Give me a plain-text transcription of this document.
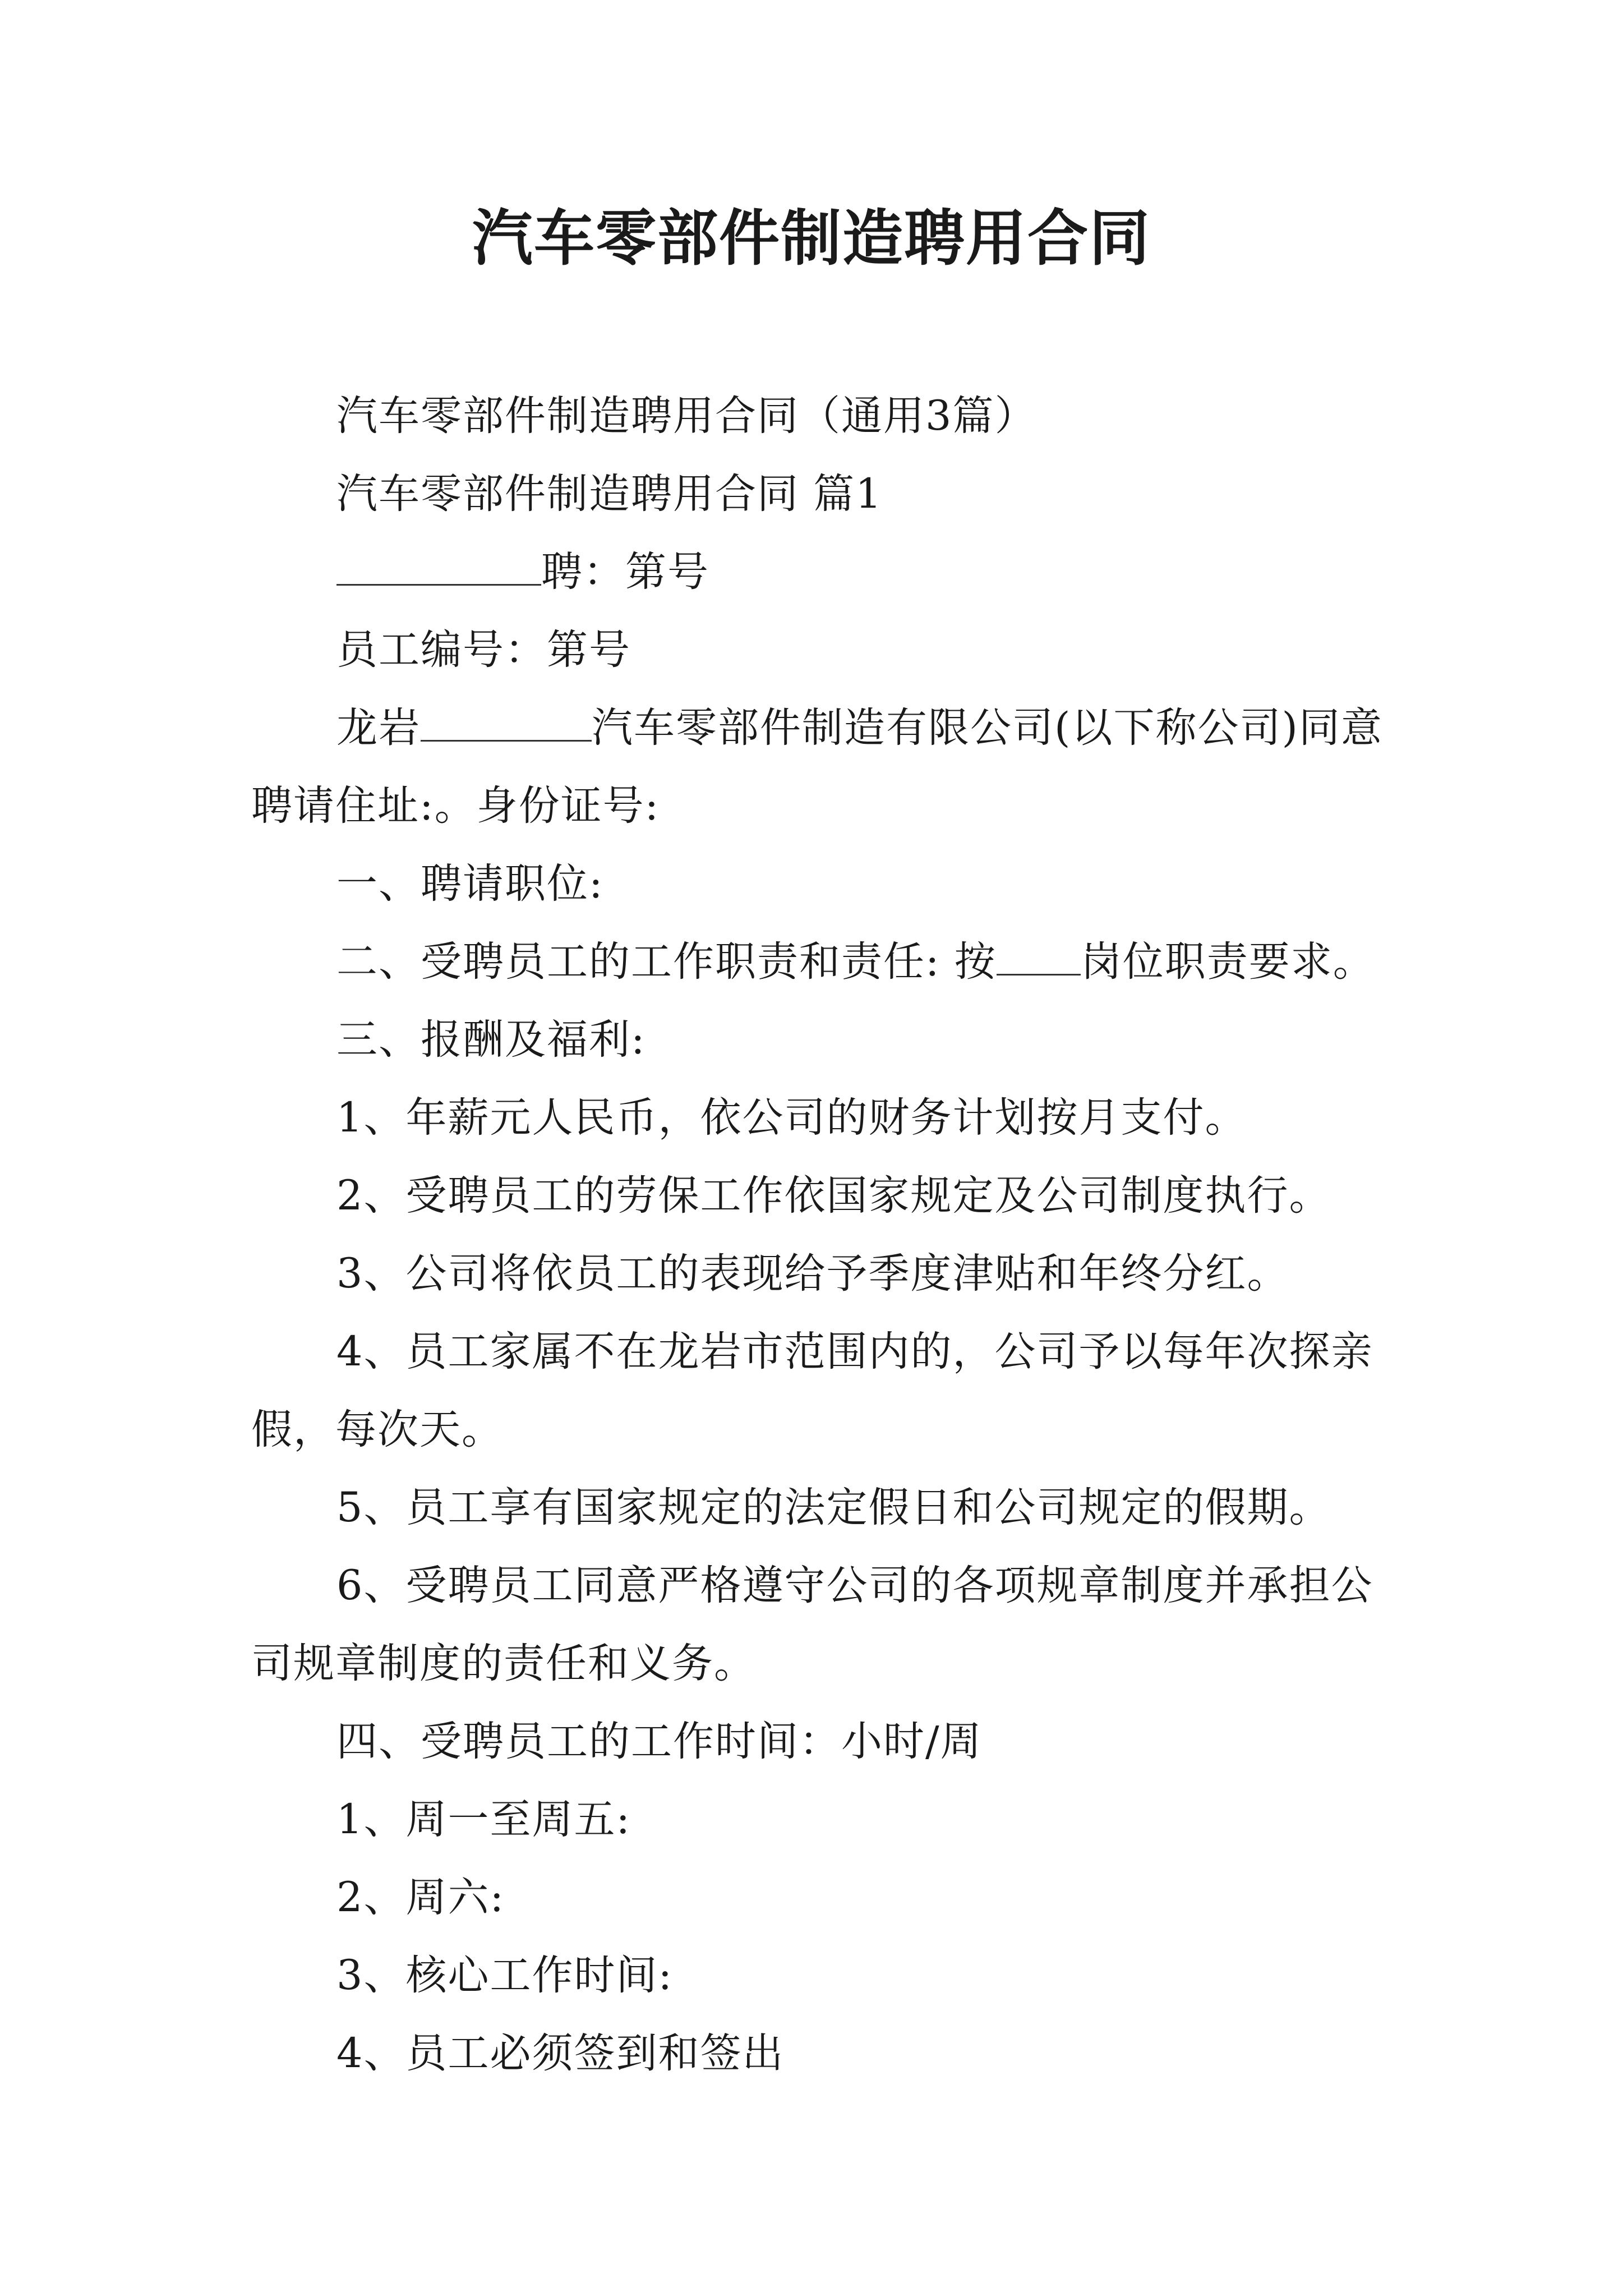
汽车零部件制造聘用合同

汽车零部件制造聘用合同（通用3篇）

汽车零部件制造聘用合同 篇1

聘：第号

员工编号：第号

龙岩	汽车零部件制造有限公司(以下称公司)同意聘请住址:。身份证号:

一、聘请职位:

二、受聘员工的工作职责和责任: 按 岗位职责要求。

三、报酬及福利:

1、年薪元人民币，依公司的财务计划按月支付。

2、受聘员工的劳保工作依国家规定及公司制度执行。

3、公司将依员工的表现给予季度津贴和年终分红。

4、员工家属不在龙岩市范围内的，公司予以每年次探亲假，每次天。

5、员工享有国家规定的法定假日和公司规定的假期。

6、受聘员工同意严格遵守公司的各项规章制度并承担公司规章制度的责任和义务。

四、受聘员工的工作时间：小时/周

1、周一至周五:

2、周六:

3、核心工作时间:

4、员工必须签到和签出
